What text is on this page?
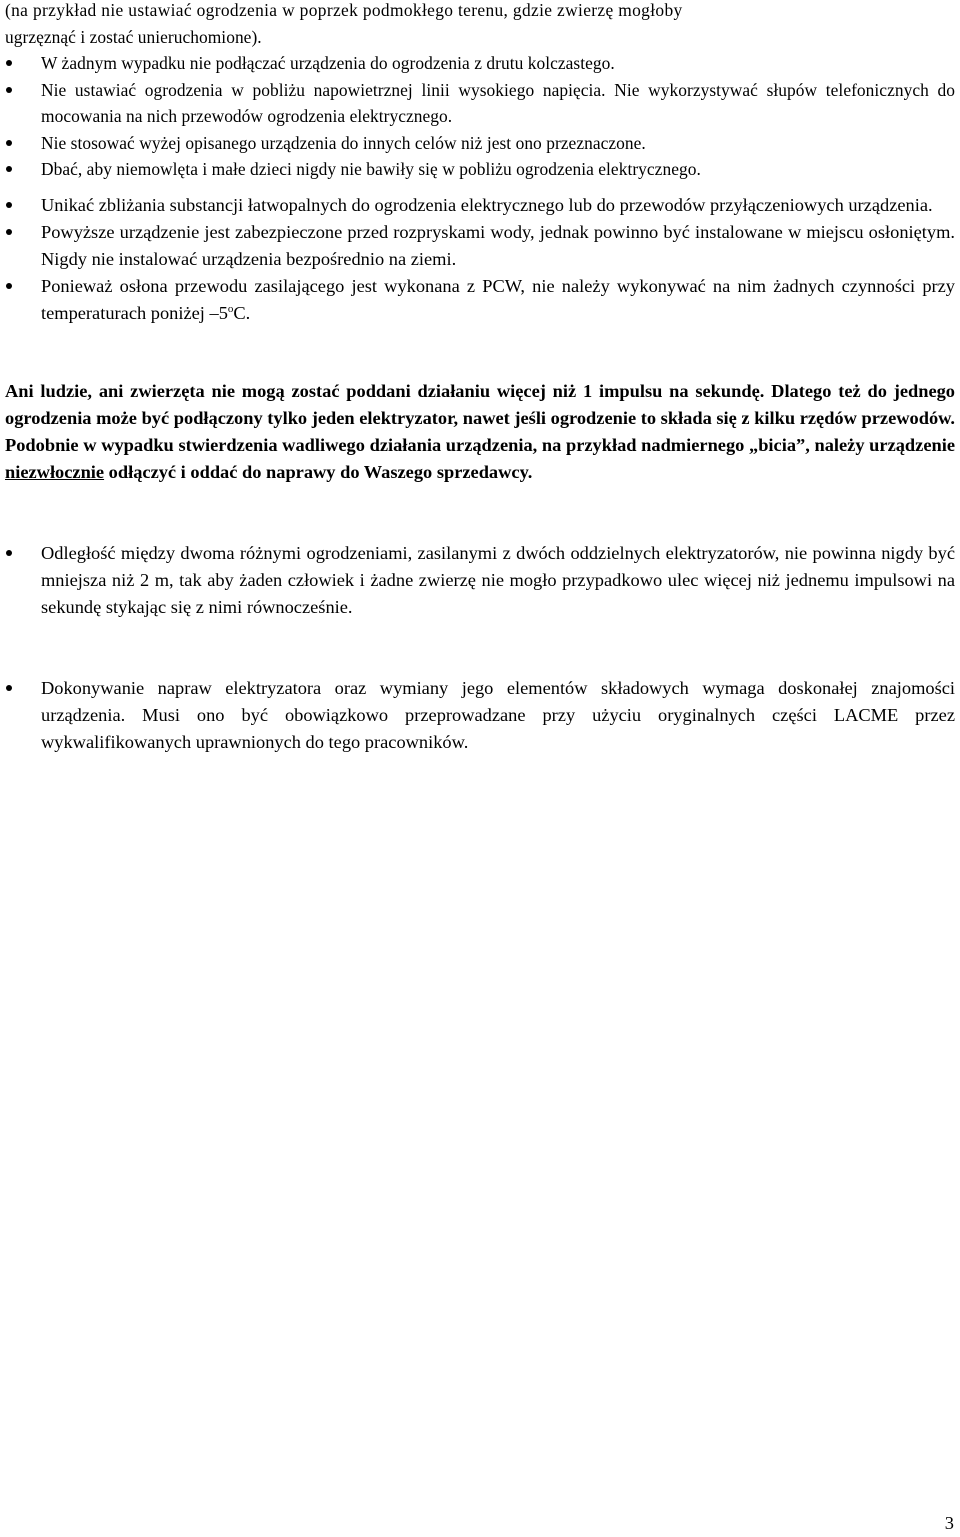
(na przykład nie ustawiać ogrodzenia w poprzek podmokłego terenu, gdzie zwierzę mogłoby
ugrzęznąć i zostać unieruchomione).
W żadnym wypadku nie podłączać urządzenia do ogrodzenia z drutu kolczastego.
Nie ustawiać ogrodzenia w pobliżu napowietrznej linii wysokiego napięcia. Nie wykorzystywać słupów telefonicznych do mocowania na nich przewodów ogrodzenia elektrycznego.
Nie stosować wyżej opisanego urządzenia do innych celów niż jest ono przeznaczone.
Dbać, aby niemowlęta i małe dzieci nigdy nie bawiły się w pobliżu ogrodzenia elektrycznego.
Unikać zbliżania substancji łatwopalnych do ogrodzenia elektrycznego lub do przewodów przyłączeniowych urządzenia.
Powyższe urządzenie jest zabezpieczone przed rozpryskami wody, jednak powinno być instalowane w miejscu osłoniętym. Nigdy nie instalować urządzenia bezpośrednio na ziemi.
Ponieważ osłona przewodu zasilającego jest wykonana z PCW, nie należy wykonywać na nim żadnych czynności przy temperaturach poniżej –5$^o$C.

Ani ludzie, ani zwierzęta nie mogą zostać poddani działaniu więcej niż 1 impulsu na sekundę. Dlatego też do jednego ogrodzenia może być podłączony tylko jeden elektryzator, nawet jeśli ogrodzenie to składa się z kilku rzędów przewodów. Podobnie w wypadku stwierdzenia wadliwego działania urządzenia, na przykład nadmiernego „bicia”, należy urządzenie niezwłocznie odłączyć i oddać do naprawy do Waszego sprzedawcy.

Odległość między dwoma różnymi ogrodzeniami, zasilanymi z dwóch oddzielnych elektryzatorów, nie powinna nigdy być mniejsza niż 2 m, tak aby żaden człowiek i żadne zwierzę nie mogło przypadkowo ulec więcej niż jednemu impulsowi na sekundę stykając się z nimi równocześnie.
Dokonywanie napraw elektryzatora oraz wymiany jego elementów składowych wymaga doskonałej znajomości urządzenia. Musi ono być obowiązkowo przeprowadzane przy użyciu oryginalnych części LACME przez wykwalifikowanych uprawnionych do tego pracowników.
3
